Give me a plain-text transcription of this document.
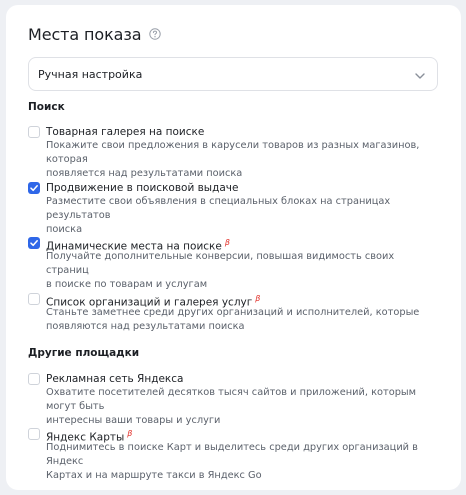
Места показа
Ручная настройка
Поиск
Товарная галерея на поиске
Покажите свои предложения в карусели товаров из разных магазинов, которая
появляется над результатами поиска
Продвижение в поисковой выдаче
Разместите свои объявления в специальных блоках на страницах результатов
поиска
Динамические места на поиске $^\beta$
Получайте дополнительные конверсии, повышая видимость своих страниц
в поиске по товарам и услугам
Список организаций и галерея услуг $^\beta$
Станьте заметнее среди других организаций и исполнителей, которые
появляются над результатами поиска
Другие площадки
Рекламная сеть Яндекса
Охватите посетителей десятков тысяч сайтов и приложений, которым могут быть
интересны ваши товары и услуги
Яндекс Карты $^\beta$
Поднимитесь в поиске Карт и выделитесь среди других организаций в Яндекс
Картах и на маршруте такси в Яндекс Go
